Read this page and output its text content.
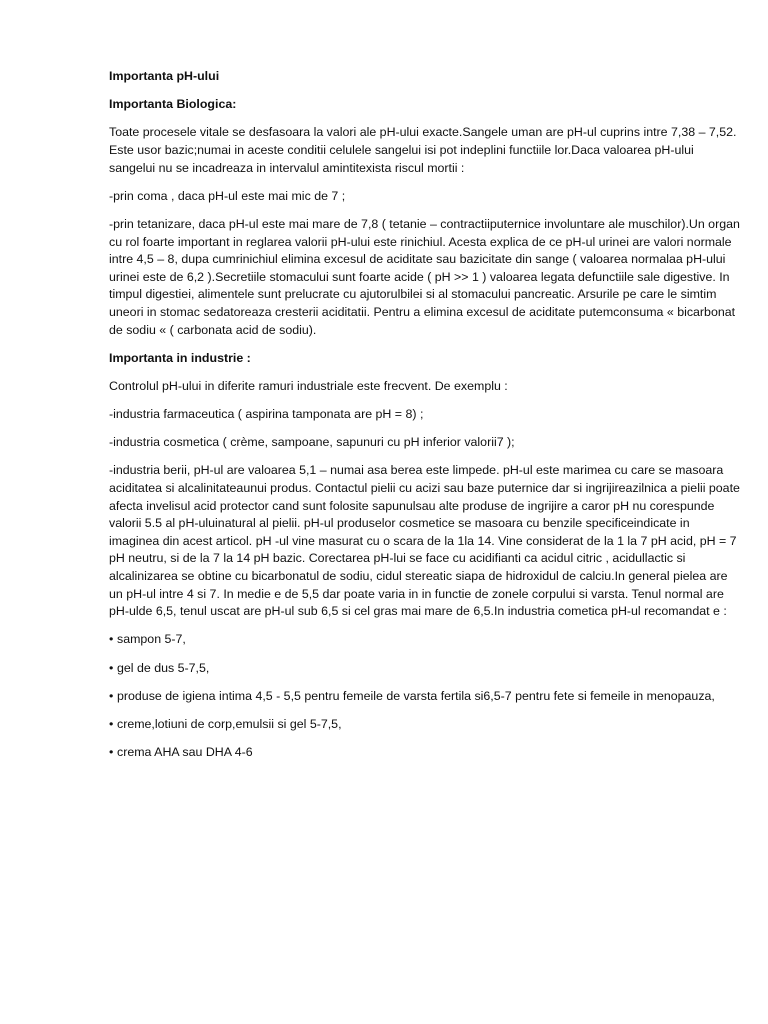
Importanta pH-ului

Importanta Biologica:

Toate procesele vitale se desfasoara la valori ale pH-ului exacte.Sangele uman are pH-ul cuprins intre 7,38 – 7,52. Este usor bazic;numai in aceste conditii celulele sangelui isi pot indeplini functiile lor.Daca valoarea pH-ului sangelui nu se incadreaza in intervalul amintitexista riscul mortii :

-prin coma , daca pH-ul este mai mic de 7 ;

-prin tetanizare, daca pH-ul este mai mare de 7,8 ( tetanie – contractiiputernice involuntare ale muschilor).Un organ cu rol foarte important in reglarea valorii pH-ului este rinichiul. Acesta explica de ce pH-ul urinei are valori normale intre 4,5 – 8, dupa cumrinichiul elimina excesul de aciditate sau bazicitate din sange ( valoarea normalaa pH-ului urinei este de 6,2 ).Secretiile stomacului sunt foarte acide ( pH >> 1 ) valoarea legata defunctiile sale digestive. In timpul digestiei, alimentele sunt prelucrate cu ajutorulbilei si al stomacului pancreatic. Arsurile pe care le simtim uneori in stomac sedatoreaza cresterii aciditatii. Pentru a elimina excesul de aciditate putemconsuma « bicarbonat de sodiu « ( carbonata acid de sodiu).

Importanta in industrie :

Controlul pH-ului in diferite ramuri industriale este frecvent. De exemplu :

-industria farmaceutica ( aspirina tamponata are pH = 8) ;

-industria cosmetica ( crème, sampoane, sapunuri cu pH inferior valorii7 );

-industria berii, pH-ul are valoarea 5,1 – numai asa berea este limpede. pH-ul este marimea cu care se masoara aciditatea si alcalinitateaunui produs. Contactul pielii cu acizi sau baze puternice dar si ingrijireazilnica a pielii poate afecta invelisul acid protector cand sunt folosite sapunulsau alte produse de ingrijire a caror pH nu corespunde valorii 5.5 al pH-uluinatural al pielii. pH-ul produselor cosmetice se masoara cu benzile specificeindicate in imaginea din acest articol. pH -ul vine masurat cu o scara de la 1la 14. Vine considerat de la 1 la 7 pH acid, pH = 7 pH neutru, si de la 7 la 14 pH bazic. Corectarea pH-lui se face cu acidifianti ca acidul citric , acidullactic si alcalinizarea se obtine cu bicarbonatul de sodiu, cidul stereatic siapa de hidroxidul de calciu.In general pielea are un pH-ul intre 4 si 7. In medie e de 5,5 dar poate varia in in functie de zonele corpului si varsta. Tenul normal are pH-ulde 6,5, tenul uscat are pH-ul sub 6,5 si cel gras mai mare de 6,5.In industria cometica pH-ul recomandat e :

• sampon 5-7,

• gel de dus 5-7,5,

• produse de igiena intima 4,5 - 5,5 pentru femeile de varsta fertila si6,5-7 pentru fete si femeile in menopauza,

• creme,lotiuni de corp,emulsii si gel 5-7,5,

• crema AHA sau DHA 4-6
